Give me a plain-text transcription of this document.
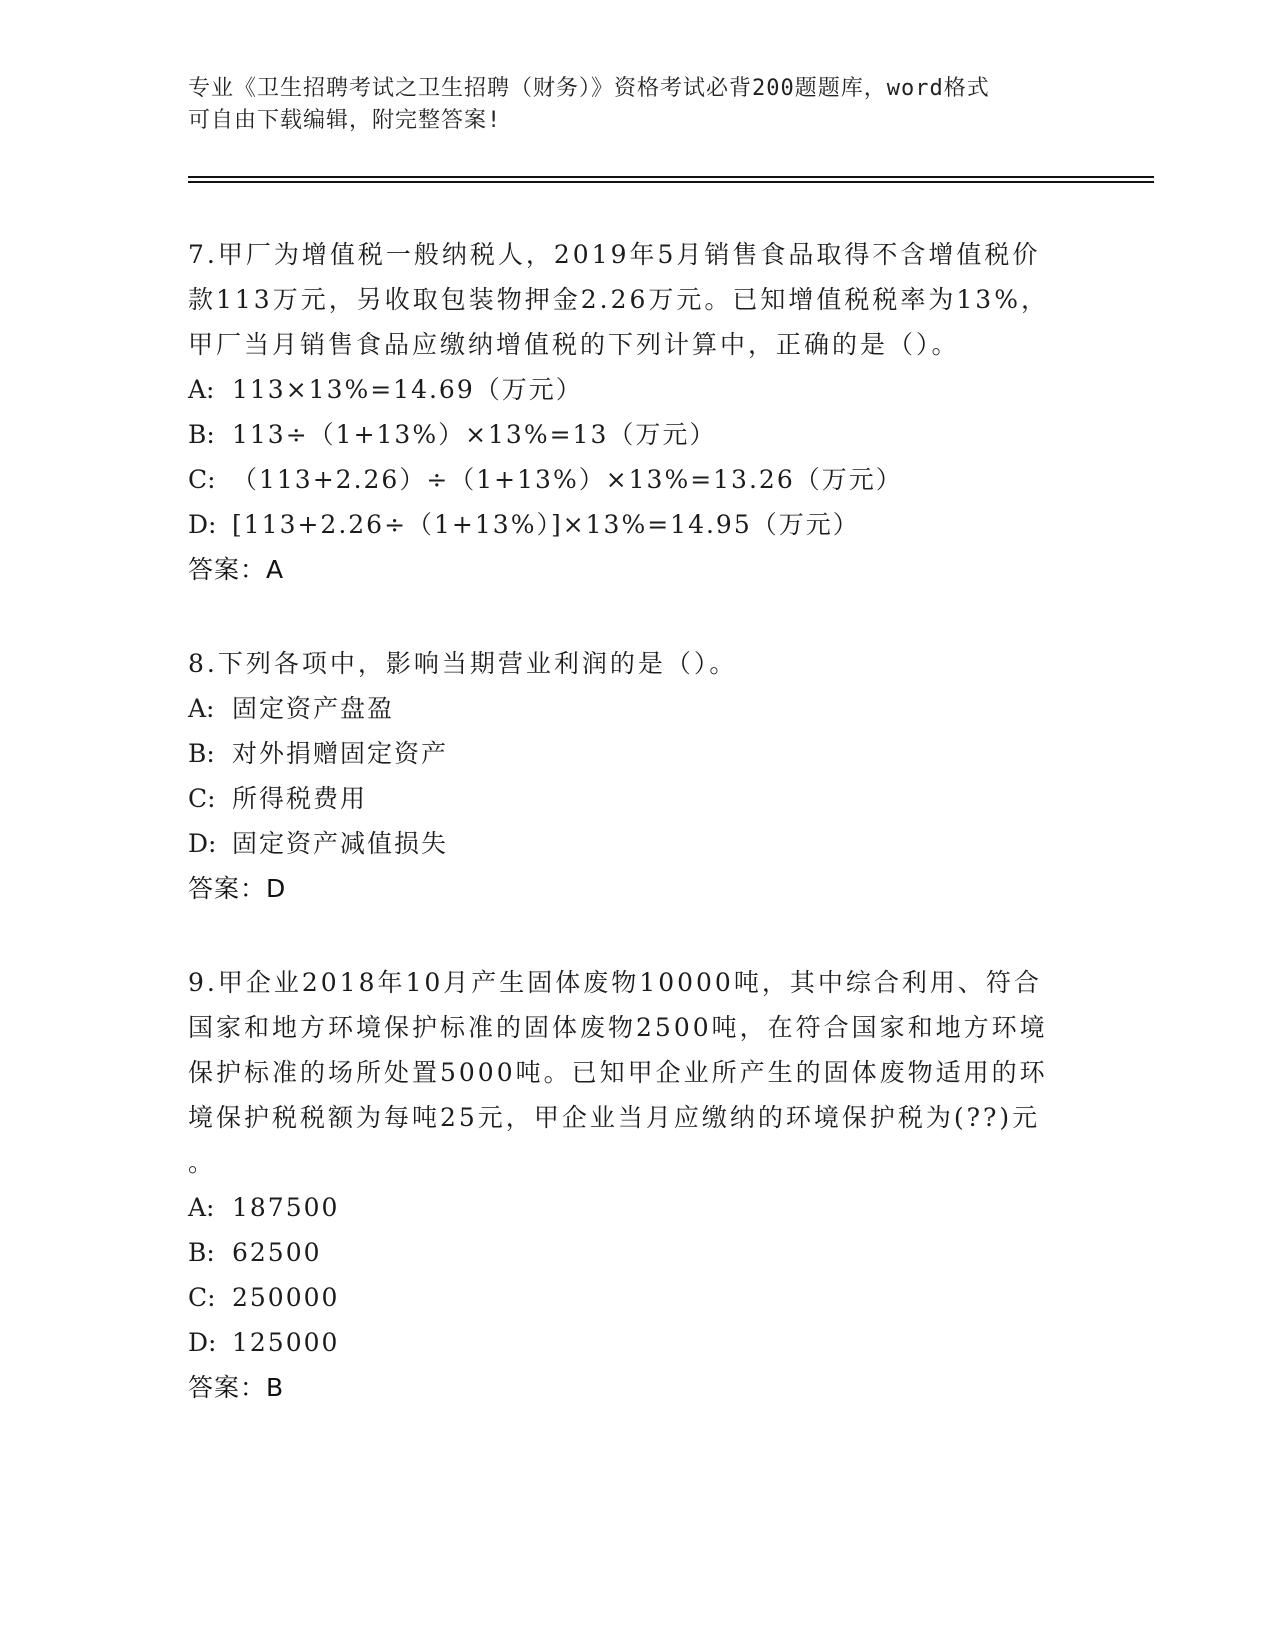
专业《卫生招聘考试之卫生招聘（财务）》资格考试必背200题题库，word格式
可自由下载编辑，附完整答案!
7.甲厂为增值税一般纳税人，2019年5月销售食品取得不含增值税价
款113万元，另收取包装物押金2.26万元。已知增值税税率为13%，
甲厂当月销售食品应缴纳增值税的下列计算中，正确的是（）。
A: 113×13%=14.69（万元）
B: 113÷（1+13%）×13%=13（万元）
C: （113+2.26）÷（1+13%）×13%=13.26（万元）
D: [113+2.26÷（1+13%）]×13%=14.95（万元）
答案：A
8.下列各项中，影响当期营业利润的是（）。
A: 固定资产盘盈
B: 对外捐赠固定资产
C: 所得税费用
D: 固定资产减值损失
答案：D
9.甲企业2018年10月产生固体废物10000吨，其中综合利用、符合
国家和地方环境保护标准的固体废物2500吨，在符合国家和地方环境
保护标准的场所处置5000吨。已知甲企业所产生的固体废物适用的环
境保护税税额为每吨25元，甲企业当月应缴纳的环境保护税为(??)元
。
A: 187500
B: 62500
C: 250000
D: 125000
答案：B
